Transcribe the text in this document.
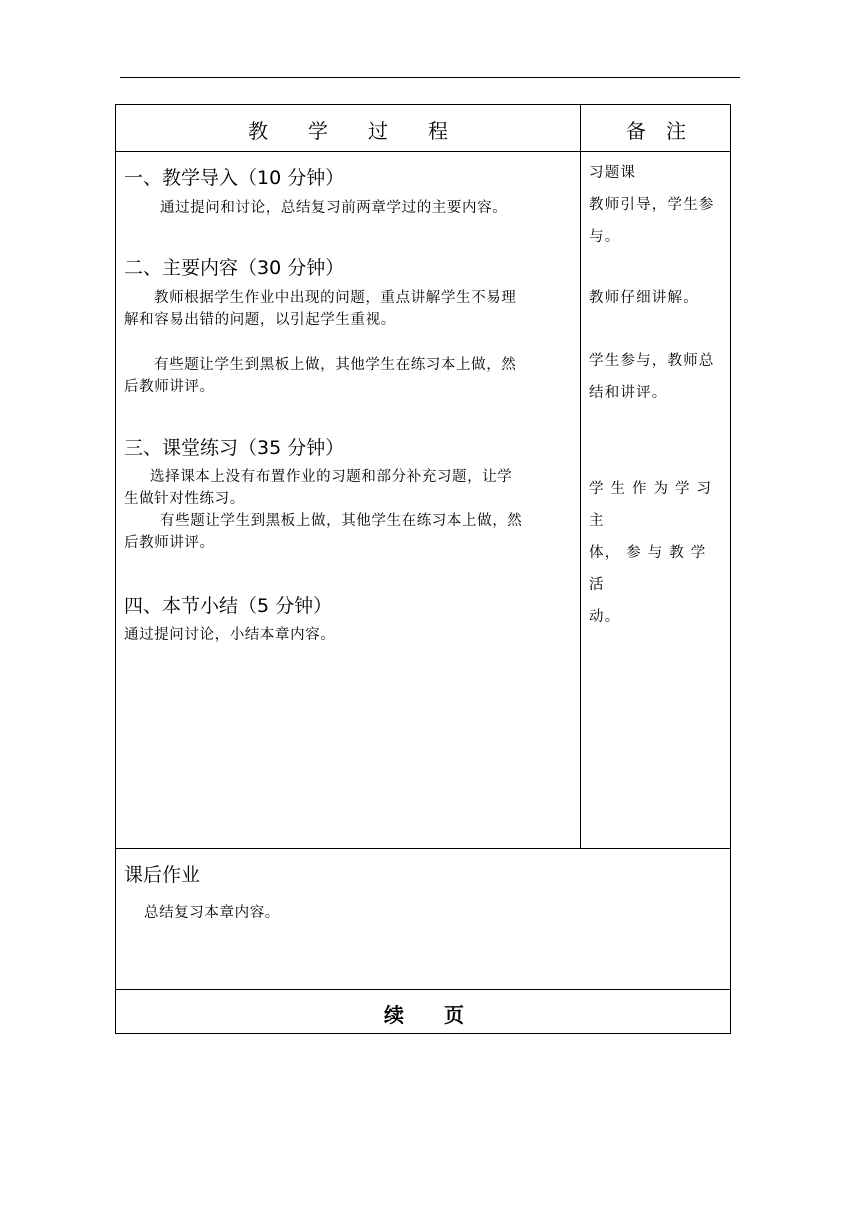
教　　学　　过　　程	备　注
一、教学导入（10 分钟）
通过提问和讨论，总结复习前两章学过的主要内容。
二、主要内容（30 分钟）
教师根据学生作业中出现的问题，重点讲解学生不易理
解和容易出错的问题，以引起学生重视。
有些题让学生到黑板上做，其他学生在练习本上做，然
后教师讲评。
三、课堂练习（35 分钟）
选择课本上没有布置作业的习题和部分补充习题，让学
生做针对性练习。
有些题让学生到黑板上做，其他学生在练习本上做，然
后教师讲评。
四、本节小结（5 分钟）
通过提问讨论，小结本章内容。
习题课
教师引导，学生参
与。
教师仔细讲解。
学生参与，教师总
结和讲评。
学 生 作 为 学 习 主
体， 参 与 教 学 活
动。
课后作业
总结复习本章内容。
续　　页
